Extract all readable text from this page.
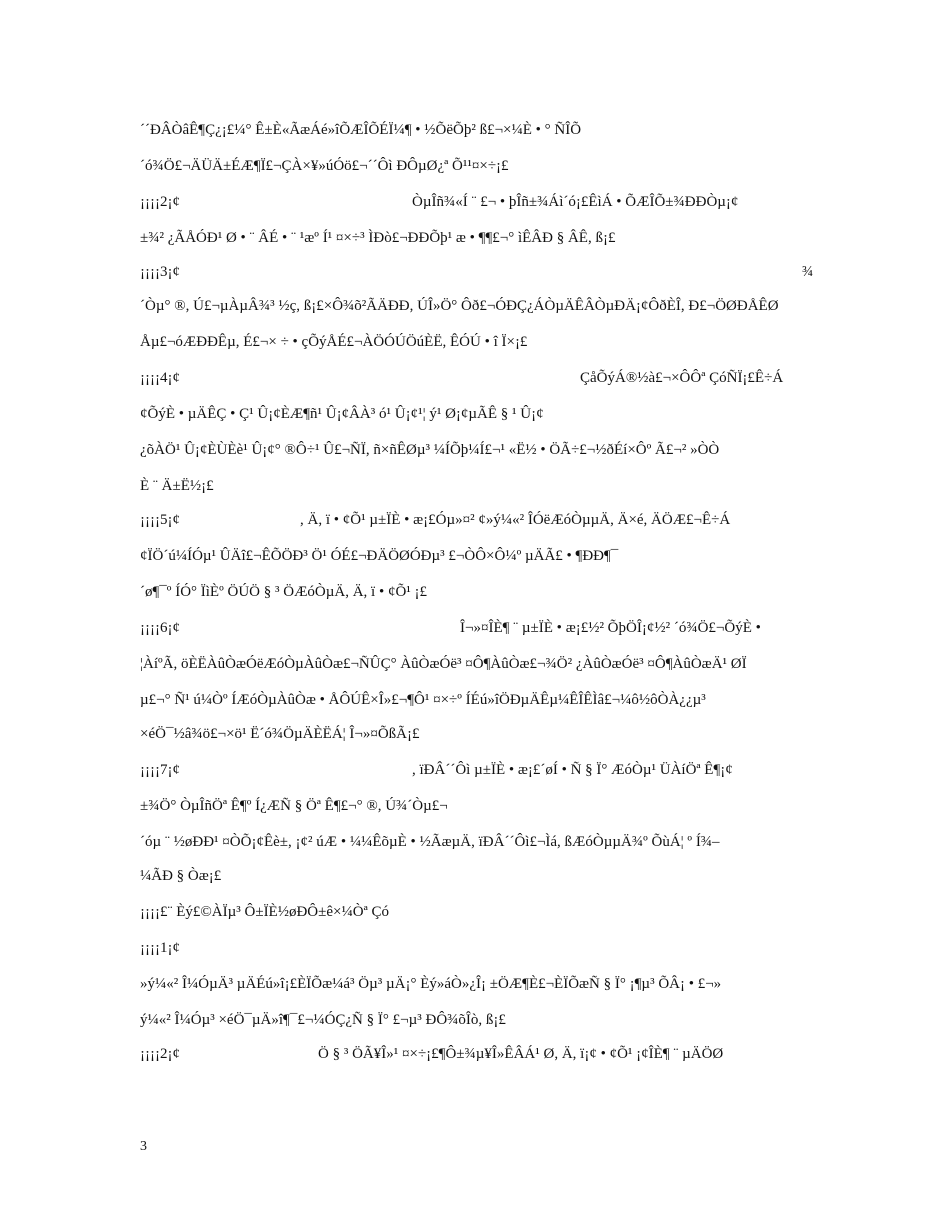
´´ÐÂÒâÊ¶Ç¿¡£¼° Ê±È«ÃæÁé»îÕÆÎÕÉÏ¼¶ • ½ÕëÕþ² ß£¬×¼È • ° ÑÎÕ
´ó¾Ö£¬ÄÜÄ±ÉÆ¶Ï£¬ÇÀ×¥»úÓö£¬´´Ôì ÐÔµØ¿ª Õ¹¹¤×÷¡£
¡¡¡¡2¡¢	ÒµÎñ¾«Í ¨ £¬ • þÎñ±¾Áì´ó¡£ÊìÁ • ÕÆÎÕ±¾ÐÐÒµ¡¢
±¾² ¿ÃÅÓÐ¹ Ø • ¨ ÂÉ • ¨ ¹æº Í¹ ¤×÷³ ÌÐò£¬ÐÐÕþ¹ æ • ¶¶£¬° ìÊÂÐ § ÂÊ, ß¡£
¡¡¡¡3¡¢	¾
´Òµ° ®, Ú£¬µÀµÂ¾³ ½ç, ß¡£×Ô¾õ²ÃÄÐÐ, ÚÎ»Ö° Ôð£¬ÓÐÇ¿ÁÒµÄÊÂÒµÐÄ¡¢ÔðÈÎ, Ð£¬ÖØÐÅÊØ
Åµ£¬óÆÐÐÊµ, É£¬× ÷ • çÕýÅÉ£¬ÀÖÓÚÖúÈË, ÊÓÚ • î Ï×¡£
¡¡¡¡4¡¢	ÇåÕýÁ®½à£¬×ÔÔª ÇóÑÏ¡£Ê÷Á
¢ÕýÈ • µÄÊÇ • Ç¹ Û¡¢ÈÆ¶ñ¹ Û¡¢ÂÀ³ ó¹ Û¡¢¹¦ ý¹ Ø¡¢µÃÊ § ¹ Û¡¢
¿õÀÖ¹ Û¡¢ÈÙÈè¹ Û¡¢° ®Ô÷¹ Û£¬ÑÏ, ñ×ñÊØµ³ ¼ÍÕþ¼Í£¬¹ «Ë½ • ÖÃ÷£¬½ðÉí×Ôº Ã£¬² »ÒÒ
È ¨ Ä±Ë½¡£
¡¡¡¡5¡¢	, Ä, ï • ¢Õ¹ µ±ÏÈ • æ¡£Óµ»¤² ¢»ý¼«² ÎÓëÆóÒµµÄ, Ä×é, ÄÖÆ£¬Ê÷Á
¢ÏÖ´ú¼ÍÓµ¹ ÛÄî£¬ÊÕÖÐ³ Ö¹ ÓÉ£¬ÐÄÖØÓÐµ³ £¬ÒÔ×Ô¼º µÄÃ£ • ¶ÐÐ¶¯
´ø¶¯º ÍÓ° ÏìÈº ÖÚÖ § ³ ÖÆóÒµÄ, Ä, ï • ¢Õ¹ ¡£
¡¡¡¡6¡¢	Î¬»¤ÎÈ¶ ¨ µ±ÏÈ • æ¡£½² ÕþÖÎ¡¢½² ´ó¾Ö£¬ÕýÈ •
¦ÀíºÃ, öÈËÀûÒæÓëÆóÒµÀûÒæ£¬ÑÛÇ° ÀûÒæÓë³ ¤Ô¶ÀûÒæ£¬¾Ö² ¿ÀûÒæÓë³ ¤Ô¶ÀûÒæÄ¹ ØÏ
µ£¬° Ñ¹ ú¼Òº ÍÆóÒµÀûÒæ • ÅÔÚÊ×Î»£¬¶Ô¹ ¤×÷º ÍÉú»îÖÐµÄÊµ¼ÊÎÊÌâ£¬¼ô½ôÒÀ¿¿µ³
×éÖ¯½â¾ö£¬×ö¹ Ë´ó¾ÖµÄÈËÁ¦ Î¬»¤ÕßÃ¡£
¡¡¡¡7¡¢	, ïÐÂ´´Ôì µ±ÏÈ • æ¡£´øÍ • Ñ § Ï° ÆóÒµ¹ ÜÀíÖª Ê¶¡¢
±¾Ö° ÒµÎñÖª Ê¶º Í¿ÆÑ § Öª Ê¶£¬° ®, Ú¾´Òµ£¬
´óµ ¨ ½øÐÐ¹ ¤ÒÕ¡¢Êè±, ¡¢² úÆ • ¼¼ÊõµÈ • ½ÃæµÄ, ïÐÂ´´Ôì£¬Ìá, ßÆóÒµµÄ¾º ÕùÁ¦ º Í¾–
¼ÃÐ § Òæ¡£
¡¡¡¡£¨ Èý£©ÀÏµ³ Ô±ÏÈ½øÐÔ±ê×¼Òª Çó
¡¡¡¡1¡¢
»ý¼«² Î¼ÓµÄ³ µÄÉú»î¡£ÈÏÕæ¼á³ Öµ³ µÄ¡° Èý»áÒ»¿Î¡ ±ÖÆ¶È£¬ÈÏÕæÑ § Ï° ¡¶µ³ ÕÂ¡ • £¬»
ý¼«² Î¼Óµ³ ×éÖ¯µÄ»î¶¯£¬¼ÓÇ¿Ñ § Ï° £¬µ³ ÐÔ¾õÎò, ß¡£
¡¡¡¡2¡¢	Ö § ³ ÖÃ¥Î»¹ ¤×÷¡£¶Ô±¾µ¥Î»ÊÂÁ¹ Ø, Ä, ï¡¢ • ¢Õ¹ ¡¢ÎÈ¶ ¨ µÄÖØ
3
